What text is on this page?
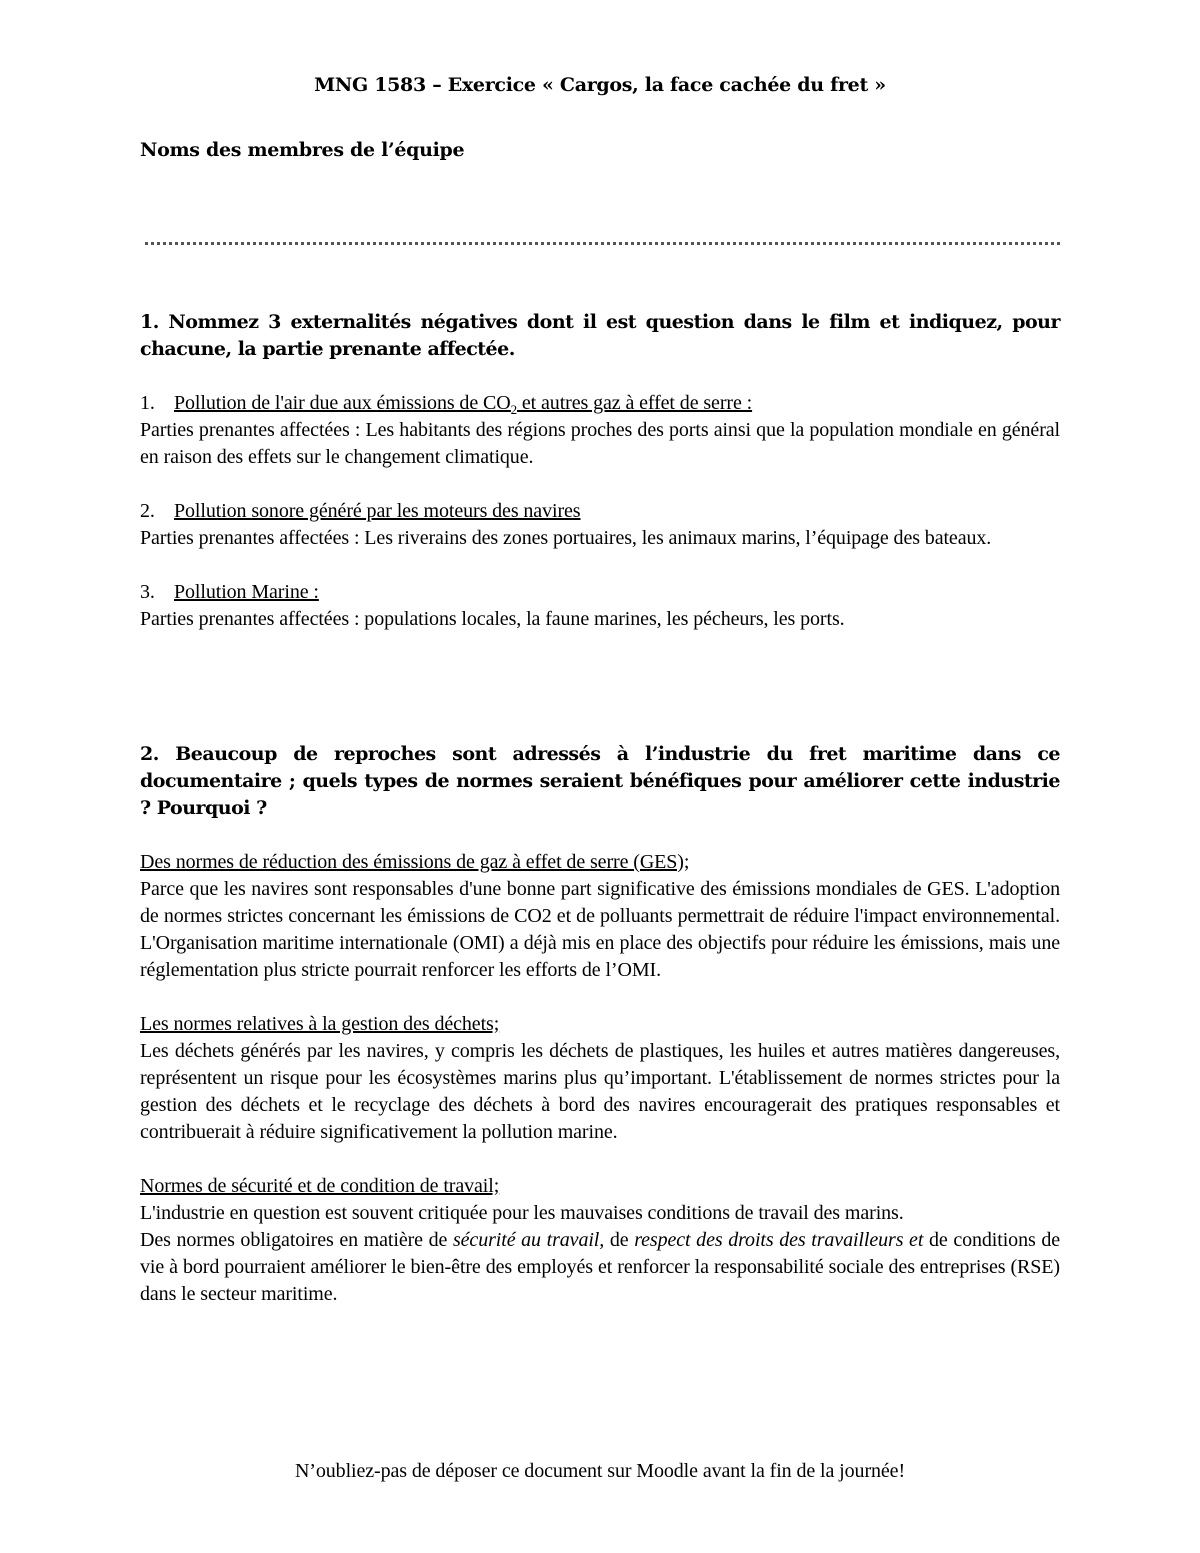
MNG 1583 – Exercice « Cargos, la face cachée du fret »
Noms des membres de l’équipe

1. Nommez 3 externalités négatives dont il est question dans le film et indiquez, pour chacune, la partie prenante affectée.

1. Pollution de l'air due aux émissions de $CO_2$ et autres gaz à effet de serre :

Parties prenantes affectées : Les habitants des régions proches des ports ainsi que la population mondiale en général en raison des effets sur le changement climatique.

2. Pollution sonore généré par les moteurs des navires

Parties prenantes affectées : Les riverains des zones portuaires, les animaux marins, l’équipage des bateaux.

3. Pollution Marine :

Parties prenantes affectées : populations locales, la faune marines, les pécheurs, les ports.

2. Beaucoup de reproches sont adressés à l’industrie du fret maritime dans ce documentaire ; quels types de normes seraient bénéfiques pour améliorer cette industrie ? Pourquoi ?

Des normes de réduction des émissions de gaz à effet de serre (GES);

Parce que les navires sont responsables d'une bonne part significative des émissions mondiales de GES. L'adoption de normes strictes concernant les émissions de CO2 et de polluants permettrait de réduire l'impact environnemental. L'Organisation maritime internationale (OMI) a déjà mis en place des objectifs pour réduire les émissions, mais une réglementation plus stricte pourrait renforcer les efforts de l’OMI.

Les normes relatives à la gestion des déchets;

Les déchets générés par les navires, y compris les déchets de plastiques, les huiles et autres matières dangereuses, représentent un risque pour les écosystèmes marins plus qu’important. L'établissement de normes strictes pour la gestion des déchets et le recyclage des déchets à bord des navires encouragerait des pratiques responsables et contribuerait à réduire significativement la pollution marine.

Normes de sécurité et de condition de travail;

L'industrie en question est souvent critiquée pour les mauvaises conditions de travail des marins.

Des normes obligatoires en matière de sécurité au travail, de respect des droits des travailleurs et de conditions de vie à bord pourraient améliorer le bien-être des employés et renforcer la responsabilité sociale des entreprises (RSE) dans le secteur maritime.

N’oubliez-pas de déposer ce document sur Moodle avant la fin de la journée!
